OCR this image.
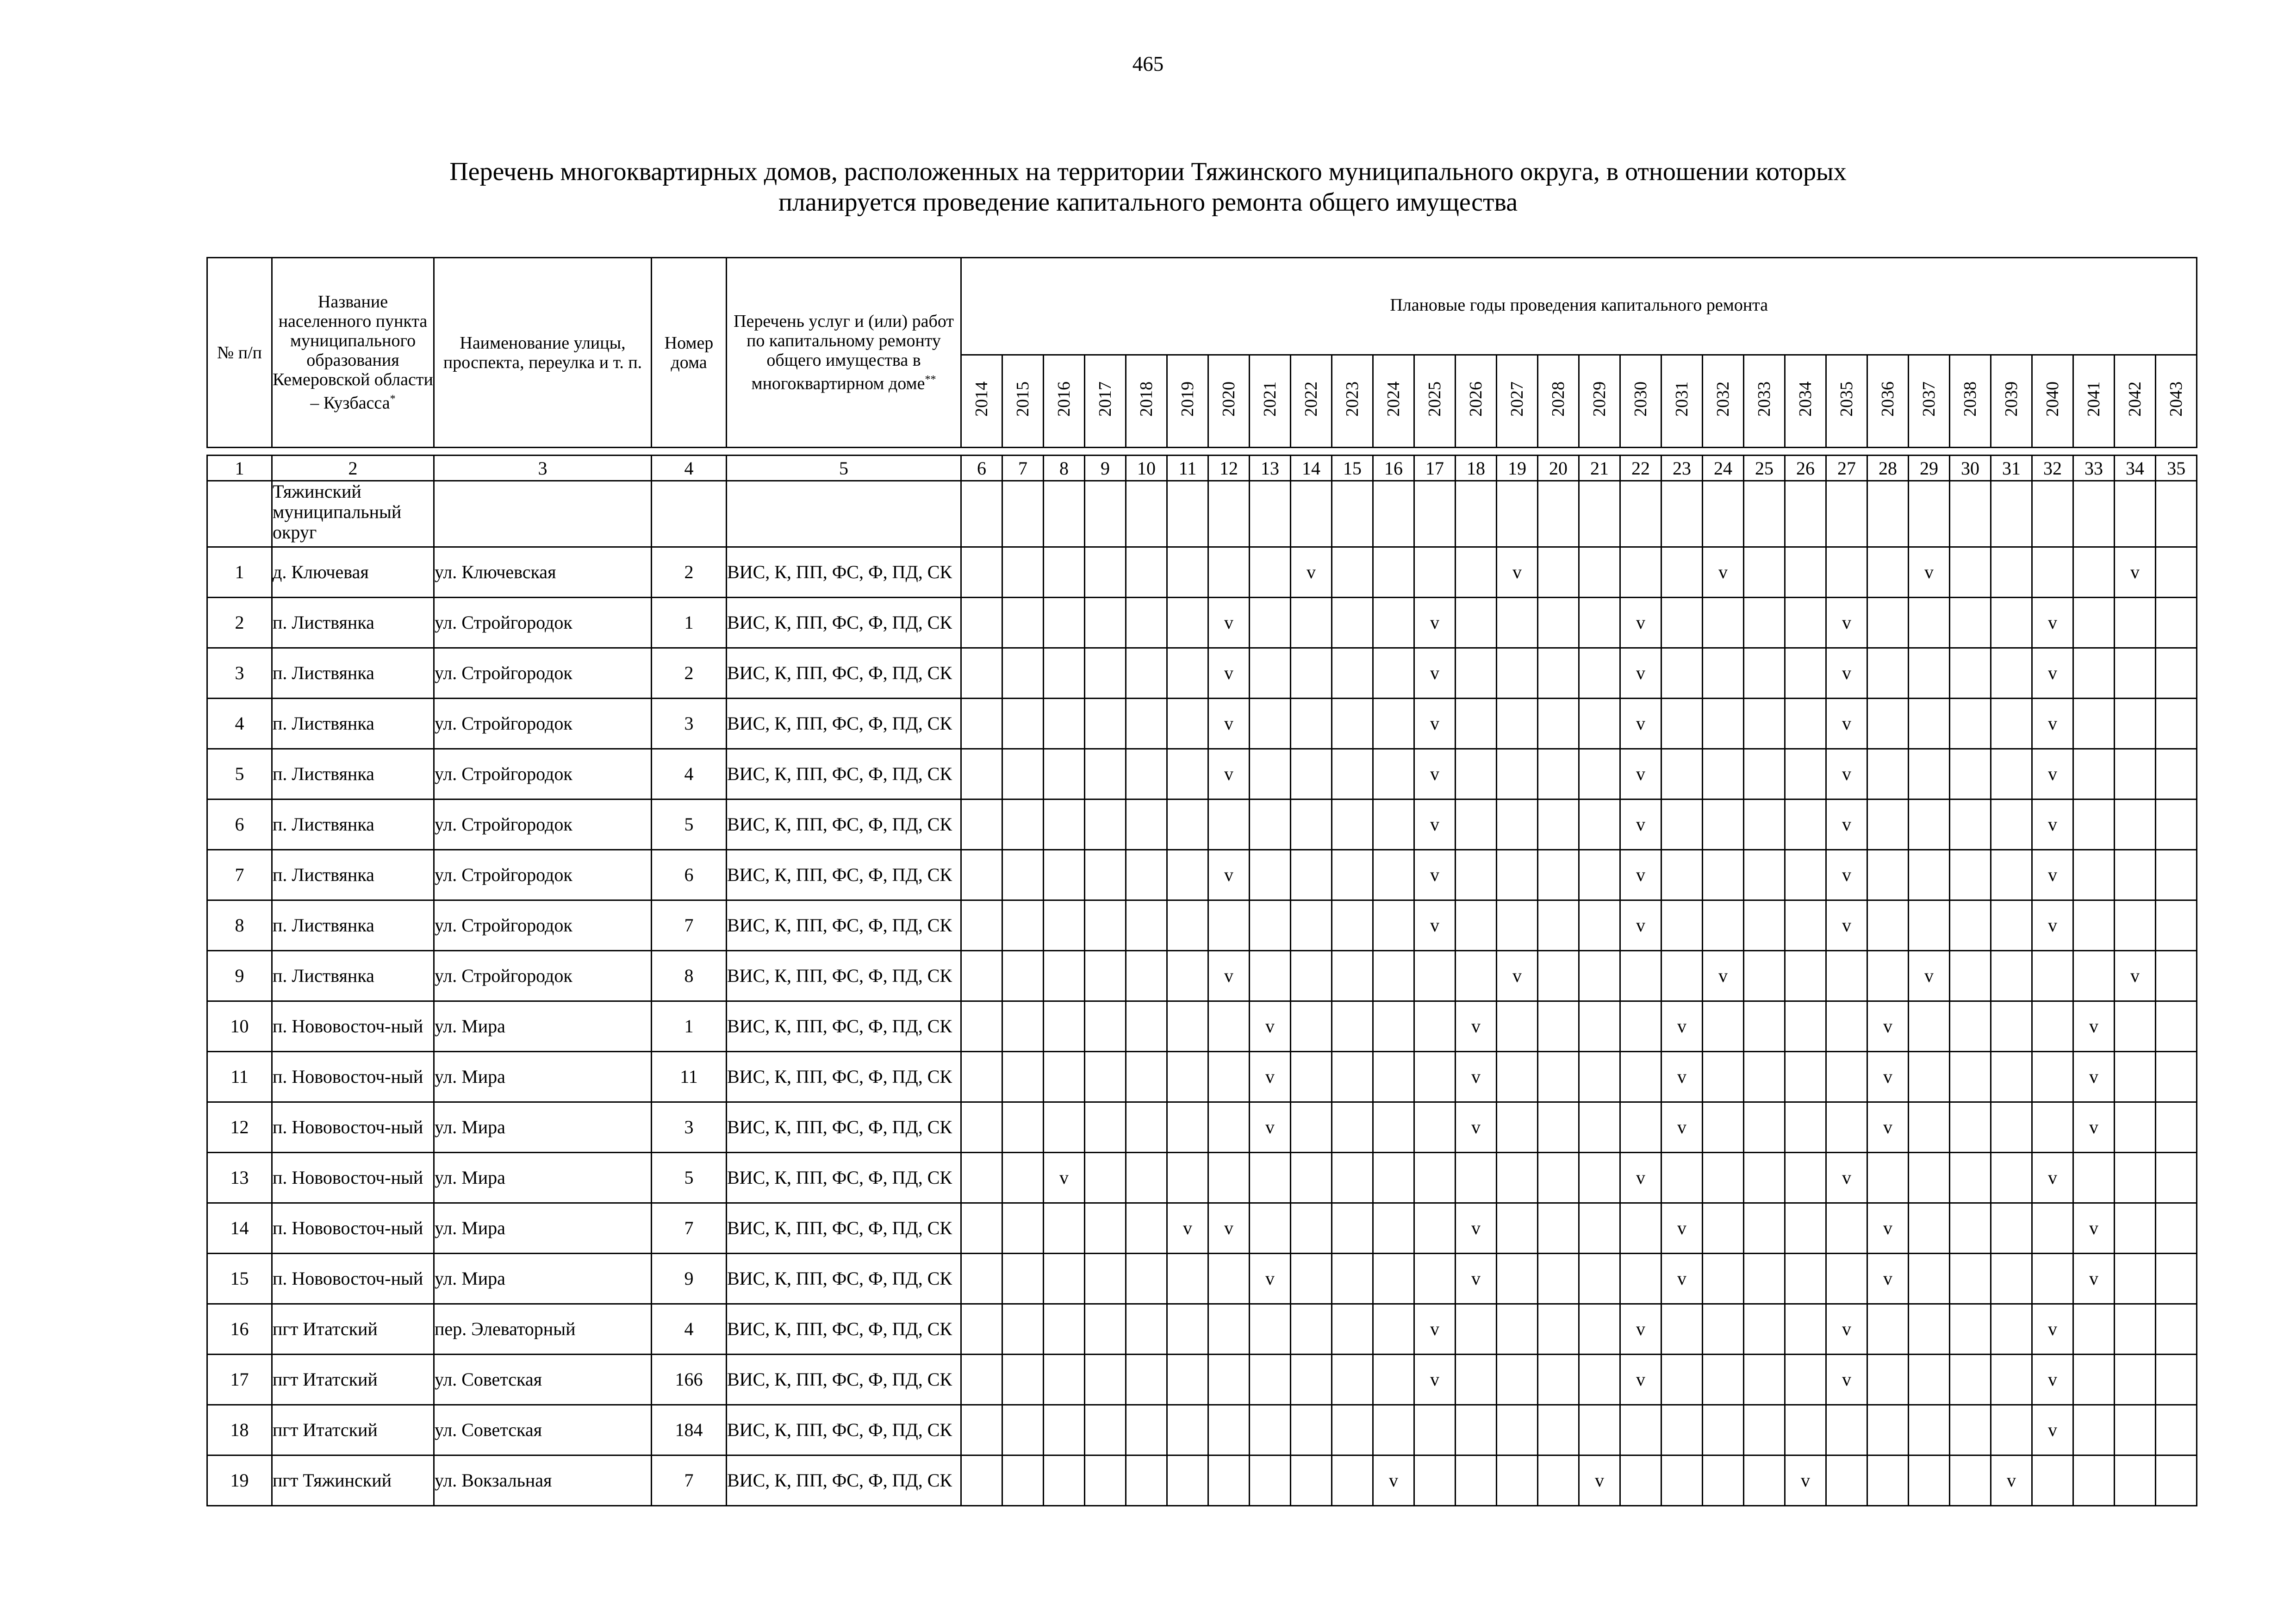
465
Перечень многоквартирных домов, расположенных на территории Тяжинского муниципального округа, в отношении которых
планируется проведение капитального ремонта общего имущества
№ п/п	Название населенного пункта муниципального образования Кемеровской области – Кузбасса*	Наименование улицы, проспекта, переулка и т. п.	Номер дома	Перечень услуг и (или) работ по капитальному ремонту общего имущества в многоквартирном доме**	Плановые годы проведения капитального ремонта																													
					2014	2015	2016	2017	2018	2019	2020	2021	2022	2023	2024	2025	2026	2027	2028	2029	2030	2031	2032	2033	2034	2035	2036	2037	2038	2039	2040	2041	2042	2043

1	2	3	4	5	6	7	8	9	10	11	12	13	14	15	16	17	18	19	20	21	22	23	24	25	26	27	28	29	30	31	32	33	34	35
	Тяжинский муниципальный округ																																	
1	д. Ключевая	ул. Ключевская	2	ВИС, К, ПП, ФС, Ф, ПД, СК									v					v					v					v					v	
2	п. Листвянка	ул. Стройгородок	1	ВИС, К, ПП, ФС, Ф, ПД, СК							v					v					v					v					v			
3	п. Листвянка	ул. Стройгородок	2	ВИС, К, ПП, ФС, Ф, ПД, СК							v					v					v					v					v			
4	п. Листвянка	ул. Стройгородок	3	ВИС, К, ПП, ФС, Ф, ПД, СК							v					v					v					v					v			
5	п. Листвянка	ул. Стройгородок	4	ВИС, К, ПП, ФС, Ф, ПД, СК							v					v					v					v					v			
6	п. Листвянка	ул. Стройгородок	5	ВИС, К, ПП, ФС, Ф, ПД, СК												v					v					v					v			
7	п. Листвянка	ул. Стройгородок	6	ВИС, К, ПП, ФС, Ф, ПД, СК							v					v					v					v					v			
8	п. Листвянка	ул. Стройгородок	7	ВИС, К, ПП, ФС, Ф, ПД, СК												v					v					v					v			
9	п. Листвянка	ул. Стройгородок	8	ВИС, К, ПП, ФС, Ф, ПД, СК							v							v					v					v					v	
10	п. Нововосточ-ный	ул. Мира	1	ВИС, К, ПП, ФС, Ф, ПД, СК								v					v					v					v					v		
11	п. Нововосточ-ный	ул. Мира	11	ВИС, К, ПП, ФС, Ф, ПД, СК								v					v					v					v					v		
12	п. Нововосточ-ный	ул. Мира	3	ВИС, К, ПП, ФС, Ф, ПД, СК								v					v					v					v					v		
13	п. Нововосточ-ный	ул. Мира	5	ВИС, К, ПП, ФС, Ф, ПД, СК			v														v					v					v			
14	п. Нововосточ-ный	ул. Мира	7	ВИС, К, ПП, ФС, Ф, ПД, СК						v	v						v					v					v					v		
15	п. Нововосточ-ный	ул. Мира	9	ВИС, К, ПП, ФС, Ф, ПД, СК								v					v					v					v					v		
16	пгт Итатский	пер. Элеваторный	4	ВИС, К, ПП, ФС, Ф, ПД, СК												v					v					v					v			
17	пгт Итатский	ул. Советская	166	ВИС, К, ПП, ФС, Ф, ПД, СК												v					v					v					v			
18	пгт Итатский	ул. Советская	184	ВИС, К, ПП, ФС, Ф, ПД, СК																											v			
19	пгт Тяжинский	ул. Вокзальная	7	ВИС, К, ПП, ФС, Ф, ПД, СК											v					v					v					v				
